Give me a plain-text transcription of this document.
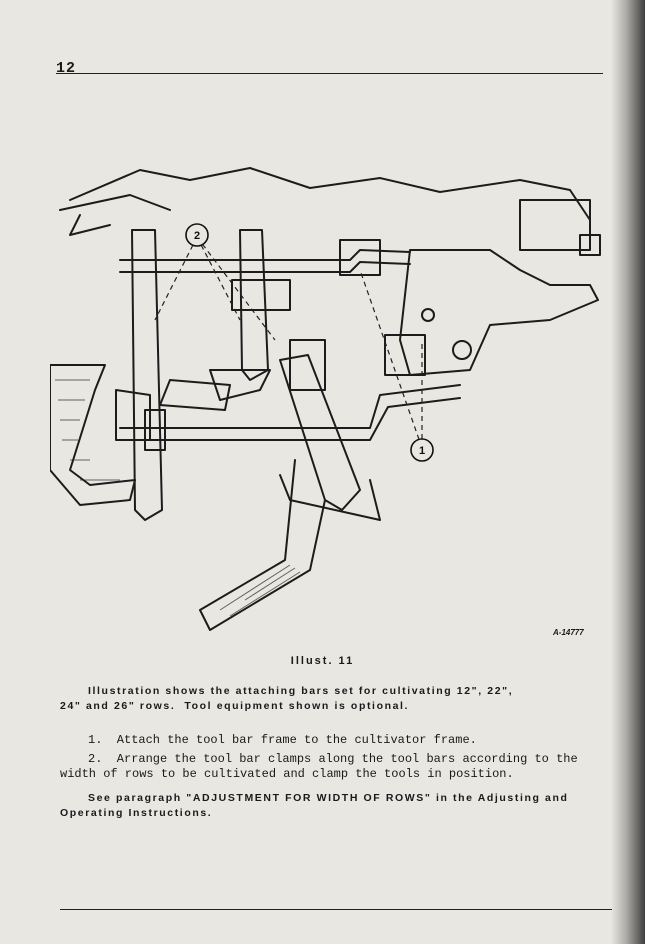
12
2
1
A-14777
Illust. 11

Illustration shows the attaching bars set for cultivating 12", 22",
24" and 26" rows.  Tool equipment shown is optional.

1.  Attach the tool bar frame to the cultivator frame.

2.  Arrange the tool bar clamps along the tool bars according to the
width of rows to be cultivated and clamp the tools in position.

See paragraph "ADJUSTMENT FOR WIDTH OF ROWS" in the Adjusting and
Operating Instructions.
